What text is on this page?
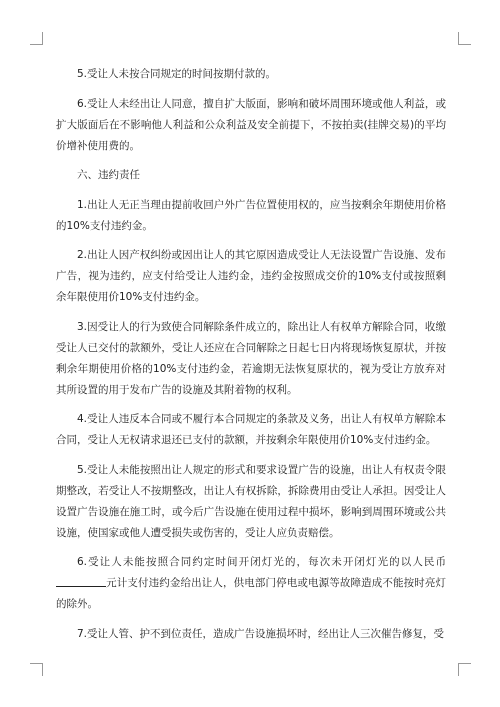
5.受让人未按合同规定的时间按期付款的。

6.受让人未经出让人同意，擅自扩大版面，影响和破坏周围环境或他人利益，或扩大版面后在不影响他人利益和公众利益及安全前提下，不按拍卖(挂牌交易)的平均价增补使用费的。

六、违约责任

1.出让人无正当理由提前收回户外广告位置使用权的，应当按剩余年期使用价格的10%支付违约金。

2.出让人因产权纠纷或因出让人的其它原因造成受让人无法设置广告设施、发布广告，视为违约，应支付给受让人违约金，违约金按照成交价的10%支付或按照剩余年限使用价10%支付违约金。

3.因受让人的行为致使合同解除条件成立的，除出让人有权单方解除合同，收缴受让人已交付的款额外，受让人还应在合同解除之日起七日内将现场恢复原状，并按剩余年期使用价格的10%支付违约金，若逾期无法恢复原状的，视为受让方放弃对其所设置的用于发布广告的设施及其附着物的权利。

4.受让人违反本合同或不履行本合同规定的条款及义务，出让人有权单方解除本合同，受让人无权请求退还已支付的款额，并按剩余年限使用价10%支付违约金。

5.受让人未能按照出让人规定的形式和要求设置广告的设施，出让人有权责令限期整改，若受让人不按期整改，出让人有权拆除，拆除费用由受让人承担。因受让人设置广告设施在施工时，或今后广告设施在使用过程中损坏，影响到周围环境或公共设施，使国家或他人遭受损失或伤害的，受让人应负责赔偿。

6.受让人未能按照合同约定时间开闭灯光的，每次未开闭灯光的以人民币元计支付违约金给出让人，供电部门停电或电源等故障造成不能按时亮灯的除外。

7.受让人管、护不到位责任，造成广告设施损坏时，经出让人三次催告修复，受
